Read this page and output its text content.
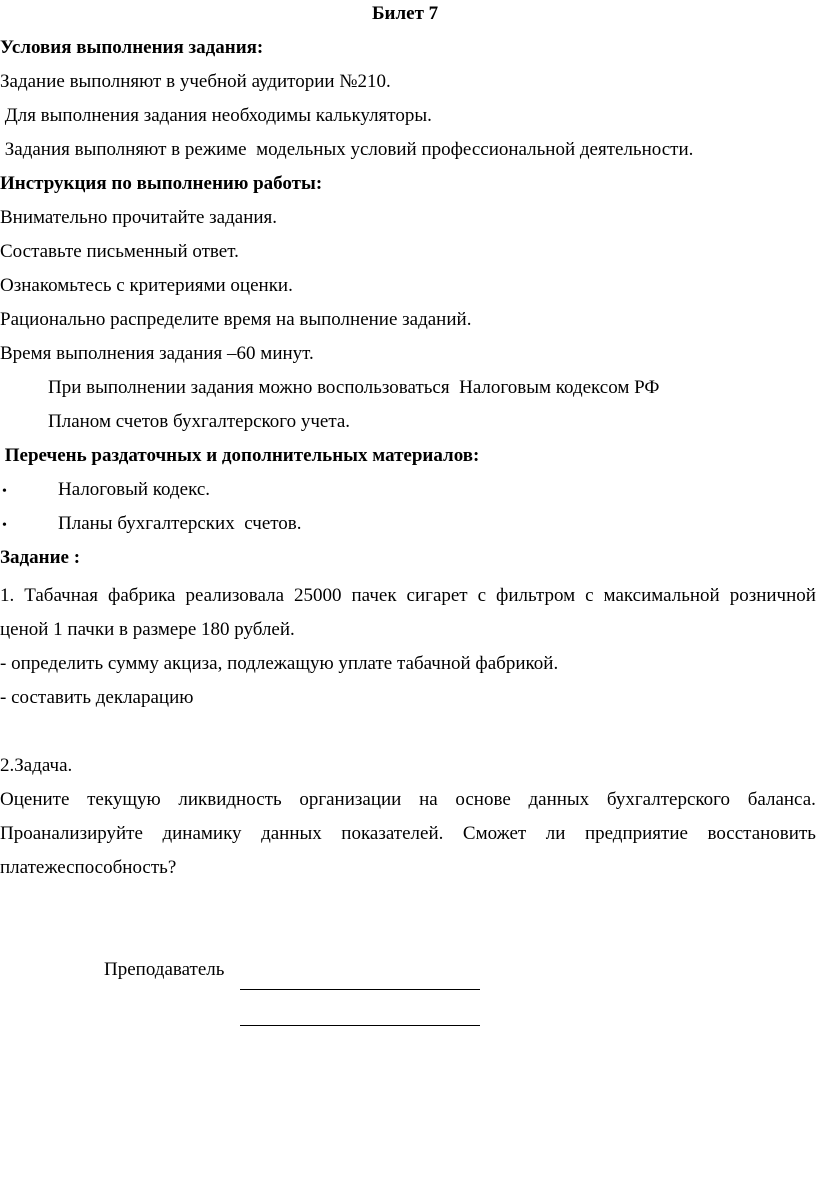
Билет 7
Условия выполнения задания:
Задание выполняют в учебной аудитории №210.
Для выполнения задания необходимы калькуляторы.
Задания выполняют в режиме  модельных условий профессиональной деятельности.
Инструкция по выполнению работы:
Внимательно прочитайте задания.
Составьте письменный ответ.
Ознакомьтесь с критериями оценки.
Рационально распределите время на выполнение заданий.
Время выполнения задания –60 минут.
При выполнении задания можно воспользоваться  Налоговым кодексом РФ
Планом счетов бухгалтерского учета.
Перечень раздаточных и дополнительных материалов:
•	Налоговый кодекс.
•	Планы бухгалтерских  счетов.
Задание :
1. Табачная фабрика реализовала 25000 пачек сигарет с фильтром с максимальной розничной
ценой 1 пачки в размере 180 рублей.
- определить сумму акциза, подлежащую уплате табачной фабрикой.
- составить декларацию
2.Задача.
Оцените текущую ликвидность организации на основе данных бухгалтерского баланса.
Проанализируйте динамику данных показателей. Сможет ли предприятие восстановить
платежеспособность?
Преподаватель
